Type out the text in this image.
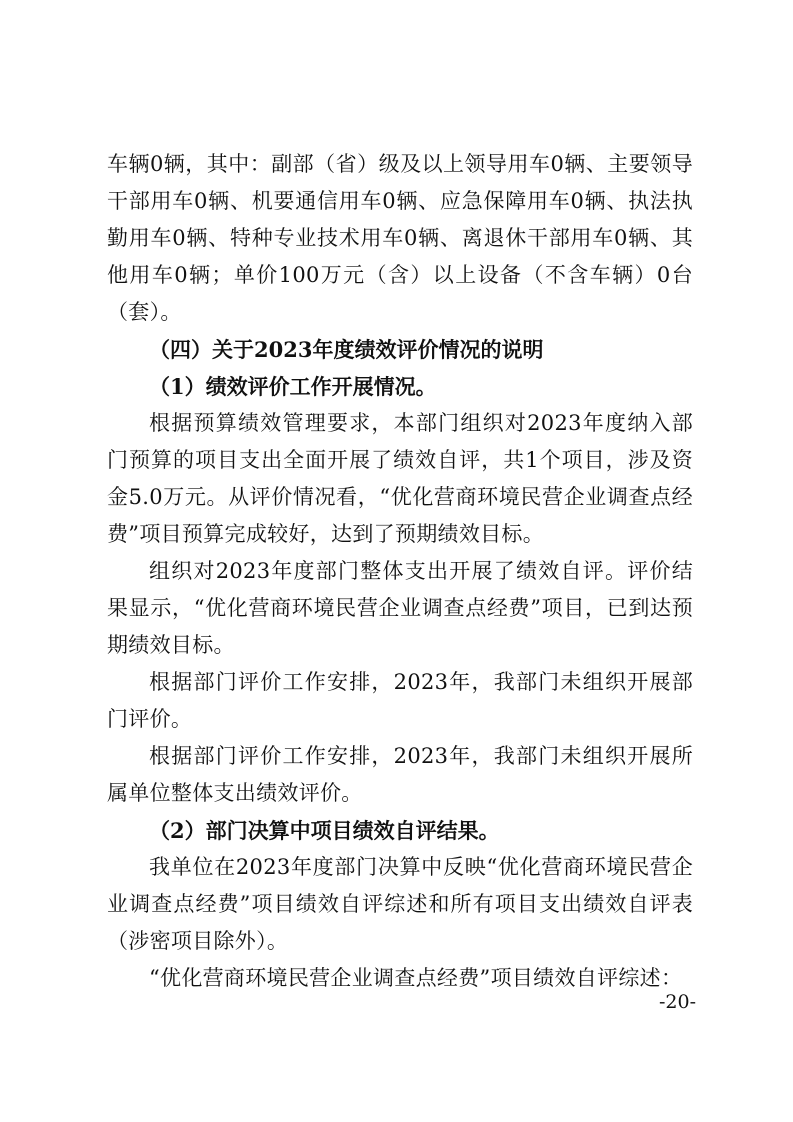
车辆0辆，其中：副部（省）级及以上领导用车0辆、主要领导干部用车0辆、机要通信用车0辆、应急保障用车0辆、执法执勤用车0辆、特种专业技术用车0辆、离退休干部用车0辆、其他用车0辆；单价100万元（含）以上设备（不含车辆）0台（套）。

（四）关于2023年度绩效评价情况的说明

（1）绩效评价工作开展情况。

根据预算绩效管理要求，本部门组织对2023年度纳入部门预算的项目支出全面开展了绩效自评，共1个项目，涉及资金5.0万元。从评价情况看，“优化营商环境民营企业调查点经费”项目预算完成较好，达到了预期绩效目标。

组织对2023年度部门整体支出开展了绩效自评。评价结果显示，“优化营商环境民营企业调查点经费”项目，已到达预期绩效目标。

根据部门评价工作安排，2023年，我部门未组织开展部门评价。

根据部门评价工作安排，2023年，我部门未组织开展所属单位整体支出绩效评价。

（2）部门决算中项目绩效自评结果。

我单位在2023年度部门决算中反映“优化营商环境民营企业调查点经费”项目绩效自评综述和所有项目支出绩效自评表（涉密项目除外）。

“优化营商环境民营企业调查点经费”项目绩效自评综述：

-20-
